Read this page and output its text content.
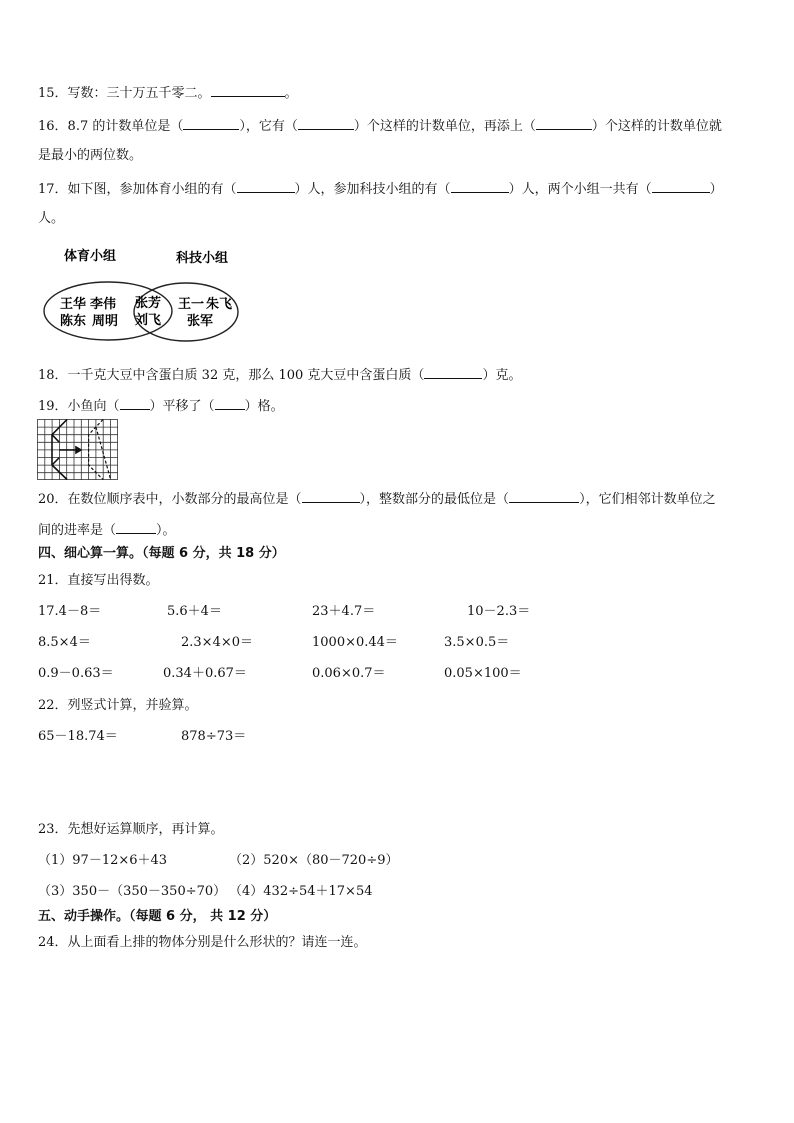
15．写数：三十万五千零二。	。
16．8.7 的计数单位是（	），它有（	）个这样的计数单位，再添上（	）个这样的计数单位就
是最小的两位数。
17．如下图，参加体育小组的有（	）人，参加科技小组的有（	）人，两个小组一共有（	）
人。
体育小组	科技小组
王华 李伟
陈东 周明
张芳
刘飞
王一 朱飞
张军
18．一千克大豆中含蛋白质 32 克，那么 100 克大豆中含蛋白质（	）克。
19．小鱼向（ ）平移了（ ）格。
20．在数位顺序表中，小数部分的最高位是（	），整数部分的最低位是（	），它们相邻计数单位之
间的进率是（	）。
四、细心算一算。（每题 6 分，共 18 分）
21．直接写出得数。
17.4－8＝	5.6＋4＝	23＋4.7＝	10－2.3＝
8.5×4＝	2.3×4×0＝	1000×0.44＝	3.5×0.5＝
0.9－0.63＝	0.34＋0.67＝	0.06×0.7＝	0.05×100＝
22．列竖式计算，并验算。
65－18.74＝	878÷73＝
23．先想好运算顺序，再计算。
（1）97－12×6＋43	（2）520×（80－720÷9）
（3）350－（350－350÷70） （4）432÷54＋17×54
五、动手操作。（每题 6 分， 共 12 分）
24．从上面看上排的物体分别是什么形状的？请连一连。
